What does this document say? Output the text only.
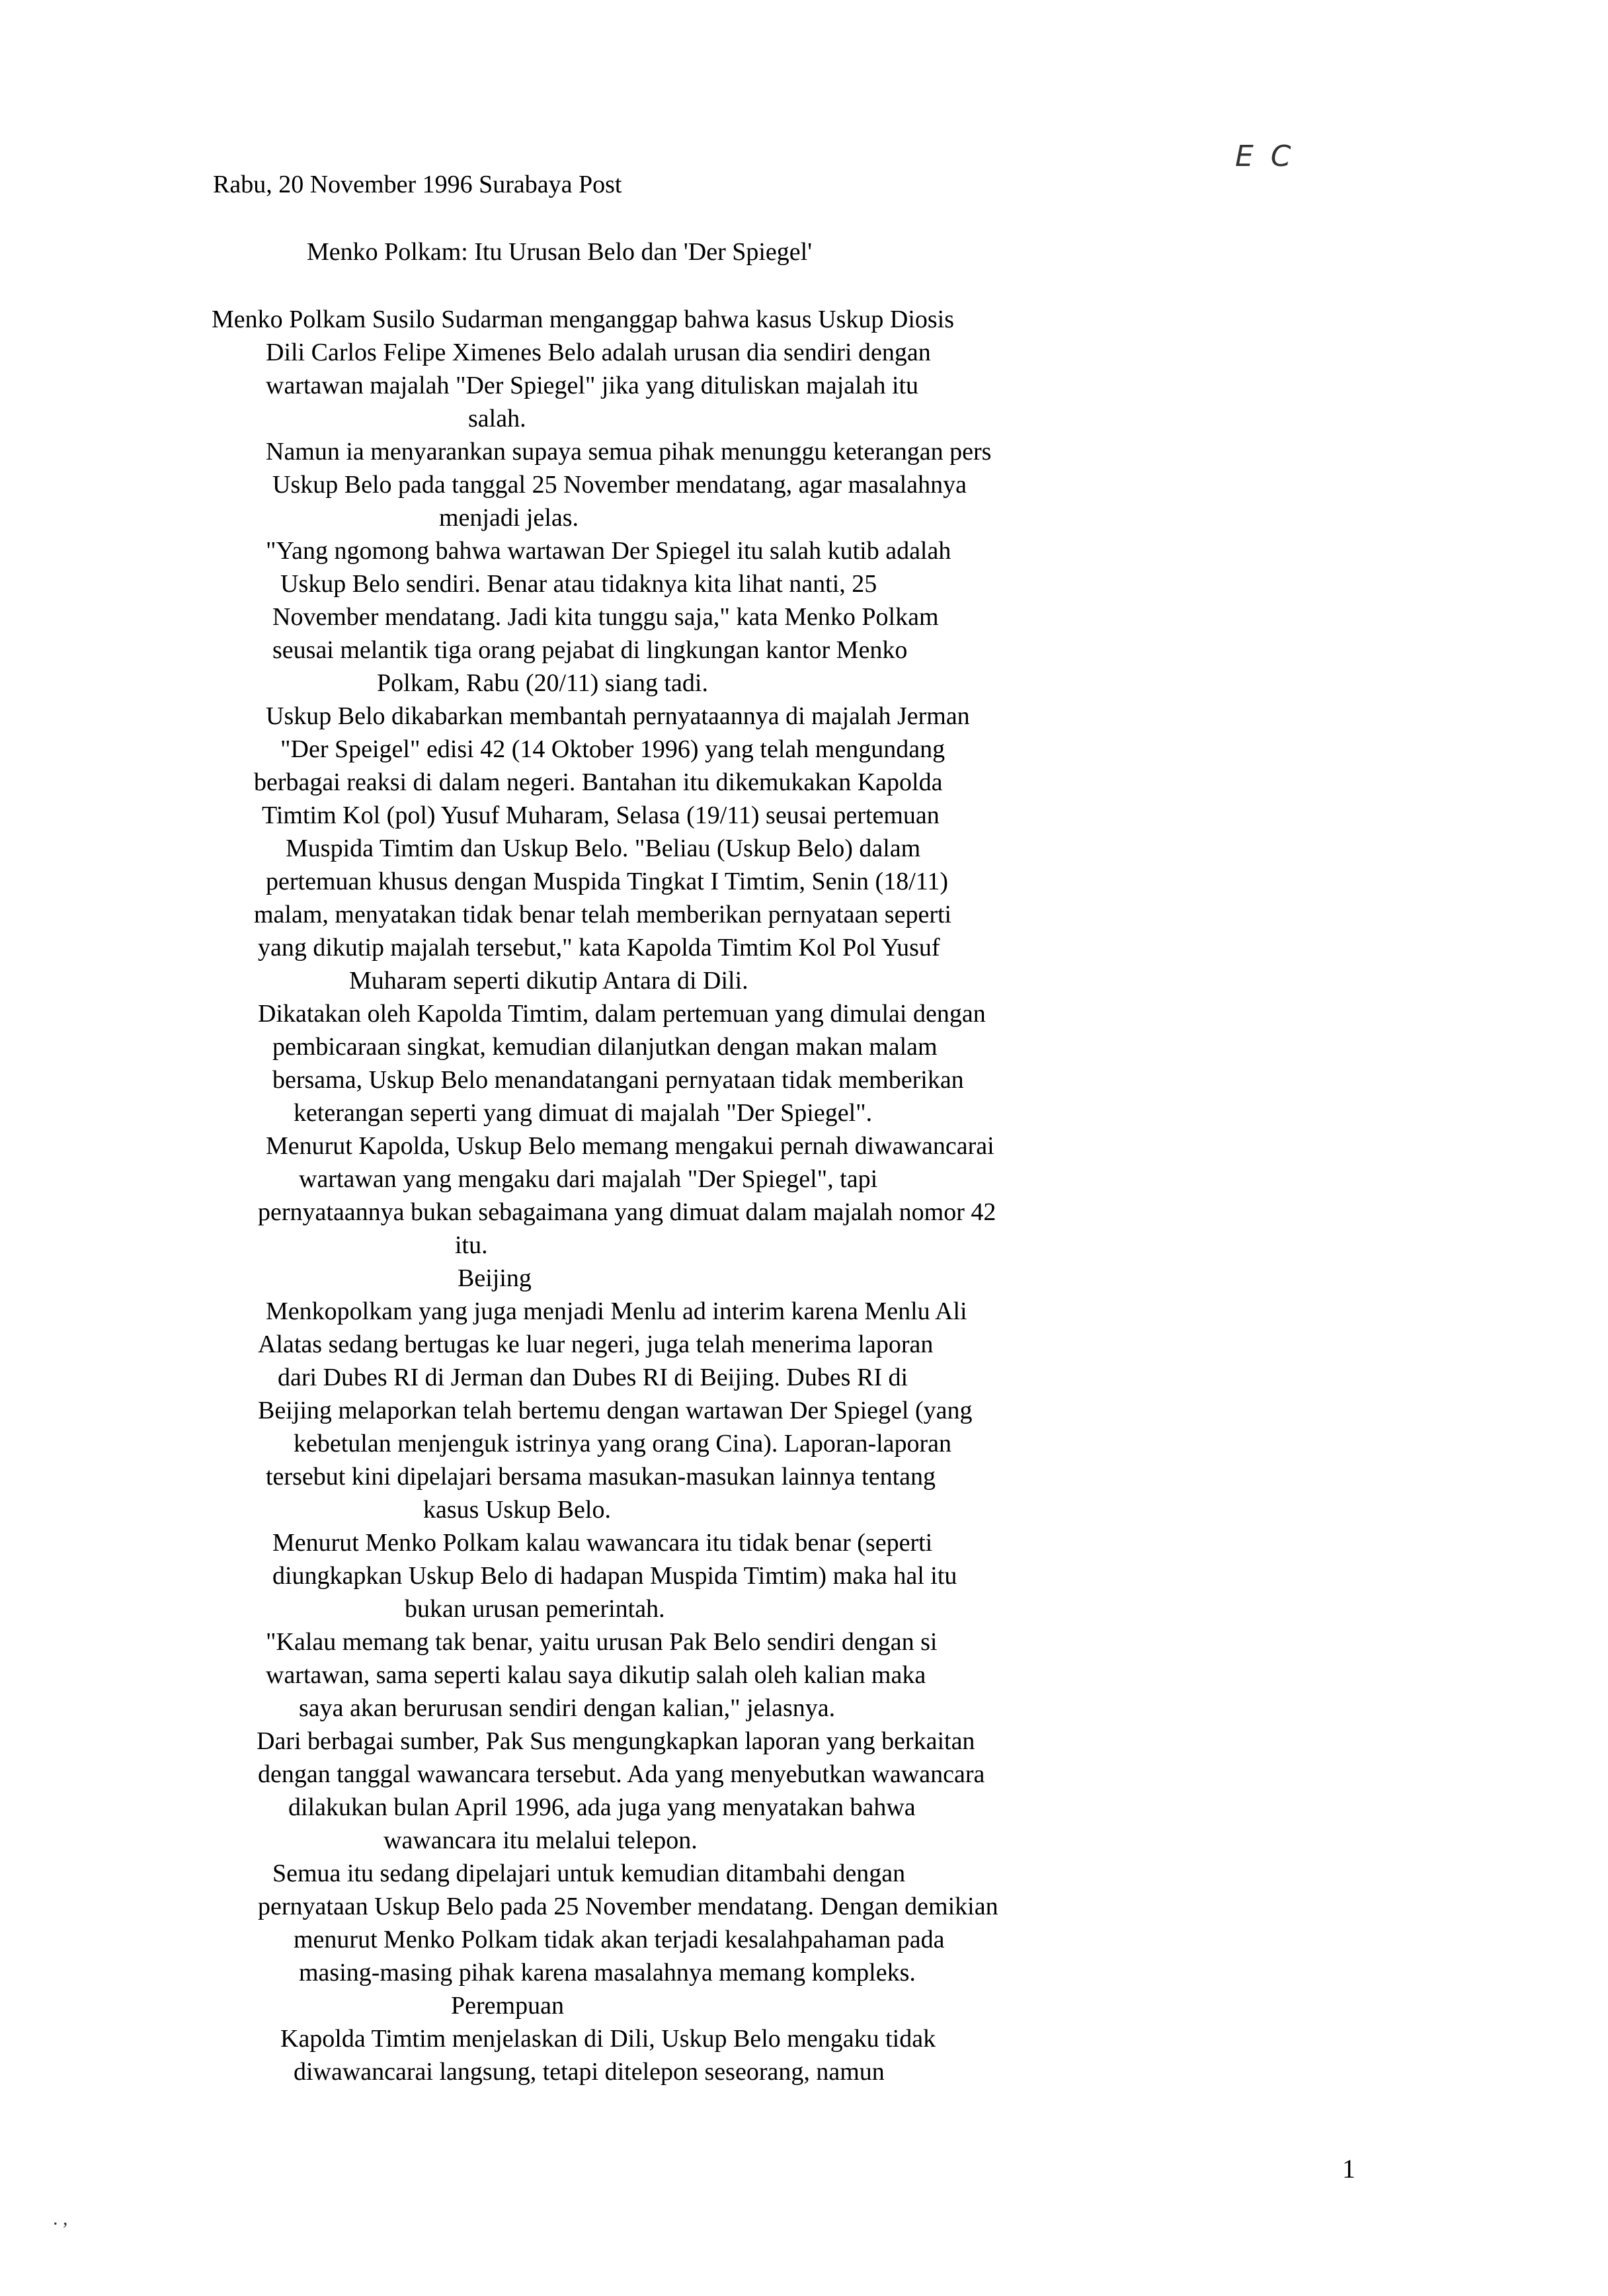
E C
Rabu, 20 November 1996 Surabaya Post
Menko Polkam: Itu Urusan Belo dan 'Der Spiegel'
Menko Polkam Susilo Sudarman menganggap bahwa kasus Uskup Diosis
Dili Carlos Felipe Ximenes Belo adalah urusan dia sendiri dengan
wartawan majalah "Der Spiegel" jika yang dituliskan majalah itu
salah.
Namun ia menyarankan supaya semua pihak menunggu keterangan pers
Uskup Belo pada tanggal 25 November mendatang, agar masalahnya
menjadi jelas.
"Yang ngomong bahwa wartawan Der Spiegel itu salah kutib adalah
Uskup Belo sendiri. Benar atau tidaknya kita lihat nanti, 25
November mendatang. Jadi kita tunggu saja," kata Menko Polkam
seusai melantik tiga orang pejabat di lingkungan kantor Menko
Polkam, Rabu (20/11) siang tadi.
Uskup Belo dikabarkan membantah pernyataannya di majalah Jerman
"Der Speigel" edisi 42 (14 Oktober 1996) yang telah mengundang
berbagai reaksi di dalam negeri. Bantahan itu dikemukakan Kapolda
Timtim Kol (pol) Yusuf Muharam, Selasa (19/11) seusai pertemuan
Muspida Timtim dan Uskup Belo. "Beliau (Uskup Belo) dalam
pertemuan khusus dengan Muspida Tingkat I Timtim, Senin (18/11)
malam, menyatakan tidak benar telah memberikan pernyataan seperti
yang dikutip majalah tersebut," kata Kapolda Timtim Kol Pol Yusuf
Muharam seperti dikutip Antara di Dili.
Dikatakan oleh Kapolda Timtim, dalam pertemuan yang dimulai dengan
pembicaraan singkat, kemudian dilanjutkan dengan makan malam
bersama, Uskup Belo menandatangani pernyataan tidak memberikan
keterangan seperti yang dimuat di majalah "Der Spiegel".
Menurut Kapolda, Uskup Belo memang mengakui pernah diwawancarai
wartawan yang mengaku dari majalah "Der Spiegel", tapi
pernyataannya bukan sebagaimana yang dimuat dalam majalah nomor 42
itu.
Beijing
Menkopolkam yang juga menjadi Menlu ad interim karena Menlu Ali
Alatas sedang bertugas ke luar negeri, juga telah menerima laporan
dari Dubes RI di Jerman dan Dubes RI di Beijing. Dubes RI di
Beijing melaporkan telah bertemu dengan wartawan Der Spiegel (yang
kebetulan menjenguk istrinya yang orang Cina). Laporan-laporan
tersebut kini dipelajari bersama masukan-masukan lainnya tentang
kasus Uskup Belo.
Menurut Menko Polkam kalau wawancara itu tidak benar (seperti
diungkapkan Uskup Belo di hadapan Muspida Timtim) maka hal itu
bukan urusan pemerintah.
"Kalau memang tak benar, yaitu urusan Pak Belo sendiri dengan si
wartawan, sama seperti kalau saya dikutip salah oleh kalian maka
saya akan berurusan sendiri dengan kalian," jelasnya.
Dari berbagai sumber, Pak Sus mengungkapkan laporan yang berkaitan
dengan tanggal wawancara tersebut. Ada yang menyebutkan wawancara
dilakukan bulan April 1996, ada juga yang menyatakan bahwa
wawancara itu melalui telepon.
Semua itu sedang dipelajari untuk kemudian ditambahi dengan
pernyataan Uskup Belo pada 25 November mendatang. Dengan demikian
menurut Menko Polkam tidak akan terjadi kesalahpahaman pada
masing-masing pihak karena masalahnya memang kompleks.
Perempuan
Kapolda Timtim menjelaskan di Dili, Uskup Belo mengaku tidak
diwawancarai langsung, tetapi ditelepon seseorang, namun
1
. ,
